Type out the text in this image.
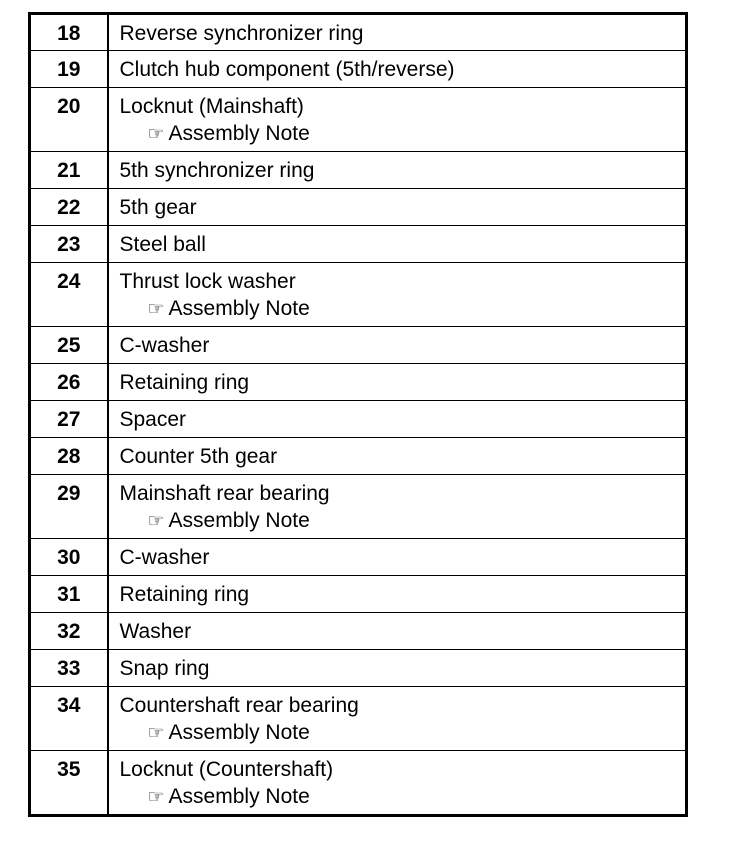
18	Reverse synchronizer ring
19	Clutch hub component (5th/reverse)
20	Locknut (Mainshaft)
☞ Assembly Note

21	5th synchronizer ring
22	5th gear
23	Steel ball
24	Thrust lock washer
☞ Assembly Note

25	C-washer
26	Retaining ring
27	Spacer
28	Counter 5th gear
29	Mainshaft rear bearing
☞ Assembly Note

30	C-washer
31	Retaining ring
32	Washer
33	Snap ring
34	Countershaft rear bearing
☞ Assembly Note

35	Locknut (Countershaft)
☞ Assembly Note
